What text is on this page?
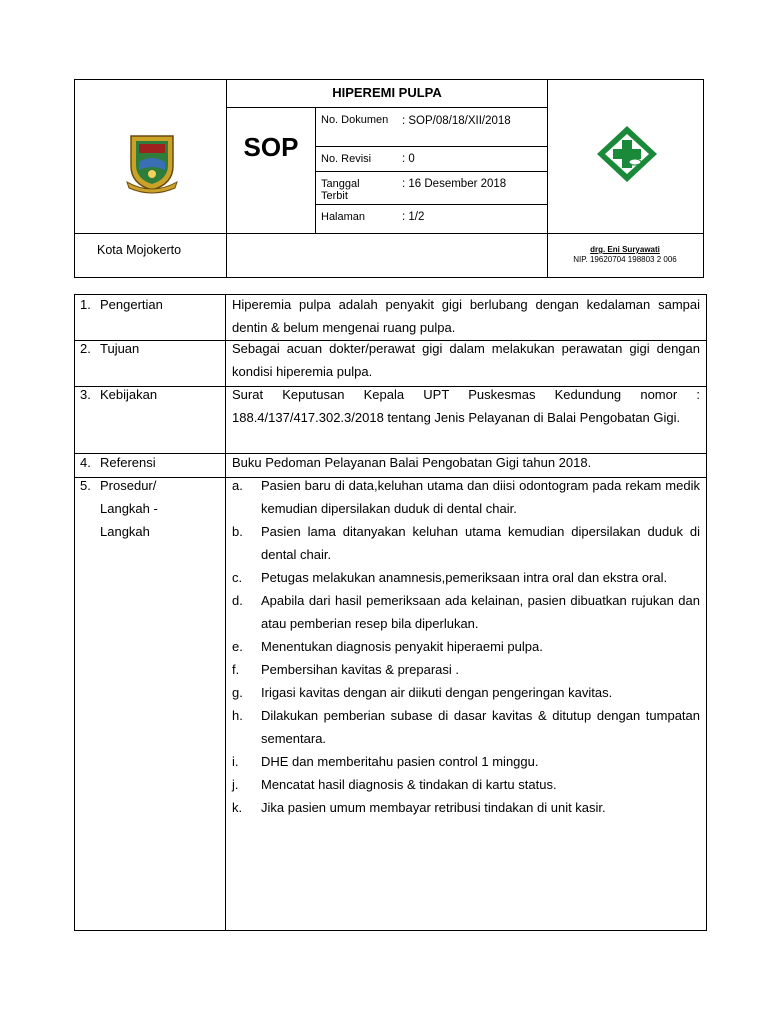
HIPEREMI PULPA
SOP
No. Dokumen : SOP/08/18/XII/2018
No. Revisi	: 0
Tanggal Terbit
: 16 Desember 2018
Halaman	: 1/2
Kota Mojokerto	drg. Eni Suryawati
NIP. 19620704 198803 2 006
1. Pengertian	Hiperemia pulpa adalah penyakit gigi berlubang dengan kedalaman sampai dentin & belum mengenai ruang pulpa.
2. Tujuan	Sebagai acuan dokter/perawat gigi dalam melakukan perawatan gigi dengan kondisi hiperemia pulpa.
3. Kebijakan	Surat Keputusan Kepala UPT Puskesmas Kedundung nomor : 188.4/137/417.302.3/2018 tentang Jenis Pelayanan di Balai Pengobatan Gigi.
4. Referensi	Buku Pedoman Pelayanan Balai Pengobatan Gigi tahun 2018.
5. Prosedur/
Langkah -
Langkah
a. Pasien baru di data,keluhan utama dan diisi odontogram pada rekam medik kemudian dipersilakan duduk di dental chair.
b. Pasien lama ditanyakan keluhan utama kemudian dipersilakan duduk di dental chair.
c. Petugas melakukan anamnesis,pemeriksaan intra oral dan ekstra oral.
d. Apabila dari hasil pemeriksaan ada kelainan, pasien dibuatkan rujukan dan atau pemberian resep bila diperlukan.
e. Menentukan diagnosis penyakit hiperaemi pulpa.
f. Pembersihan kavitas & preparasi .
g. Irigasi kavitas dengan air diikuti dengan pengeringan kavitas.
h. Dilakukan pemberian subase di dasar kavitas & ditutup dengan tumpatan sementara.
i. DHE dan memberitahu pasien control 1 minggu.
j. Mencatat hasil diagnosis & tindakan di kartu status.
k. Jika pasien umum membayar retribusi tindakan di unit kasir.
